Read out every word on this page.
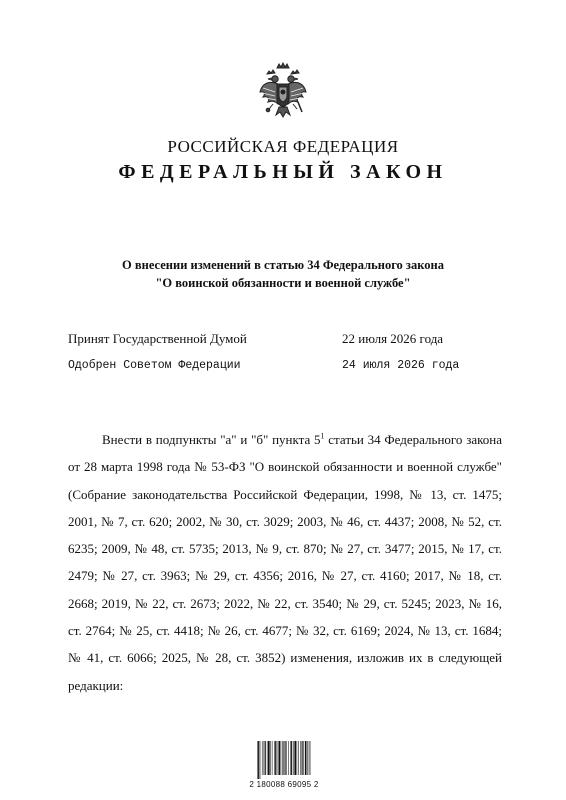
РОССИЙСКАЯ ФЕДЕРАЦИЯ
ФЕДЕРАЛЬНЫЙ ЗАКОН
О внесении изменений в статью 34 Федерального закона
"О воинской обязанности и военной службе"
Принят Государственной Думой	22 июля 2026 года
Одобрен Советом Федерации	24 июля 2026 года

Внести в подпункты "а" и "б" пункта $5^1$ статьи 34 Федерального закона от 28 марта 1998 года № 53-ФЗ "О воинской обязанности и военной службе" (Собрание законодательства Российской Федерации, 1998, № 13, ст. 1475; 2001, № 7, ст. 620; 2002, № 30, ст. 3029; 2003, № 46, ст. 4437; 2008, № 52, ст. 6235; 2009, № 48, ст. 5735; 2013, № 9, ст. 870; № 27, ст. 3477; 2015, № 17, ст. 2479; № 27, ст. 3963; № 29, ст. 4356; 2016, № 27, ст. 4160; 2017, № 18, ст. 2668; 2019, № 22, ст. 2673; 2022, № 22, ст. 3540; № 29, ст. 5245; 2023, № 16, ст. 2764; № 25, ст. 4418; № 26, ст. 4677; № 32, ст. 6169; 2024, № 13, ст. 1684; № 41, ст. 6066; 2025, № 28, ст. 3852) изменения, изложив их в следующей редакции:

2 180088 69095 2
